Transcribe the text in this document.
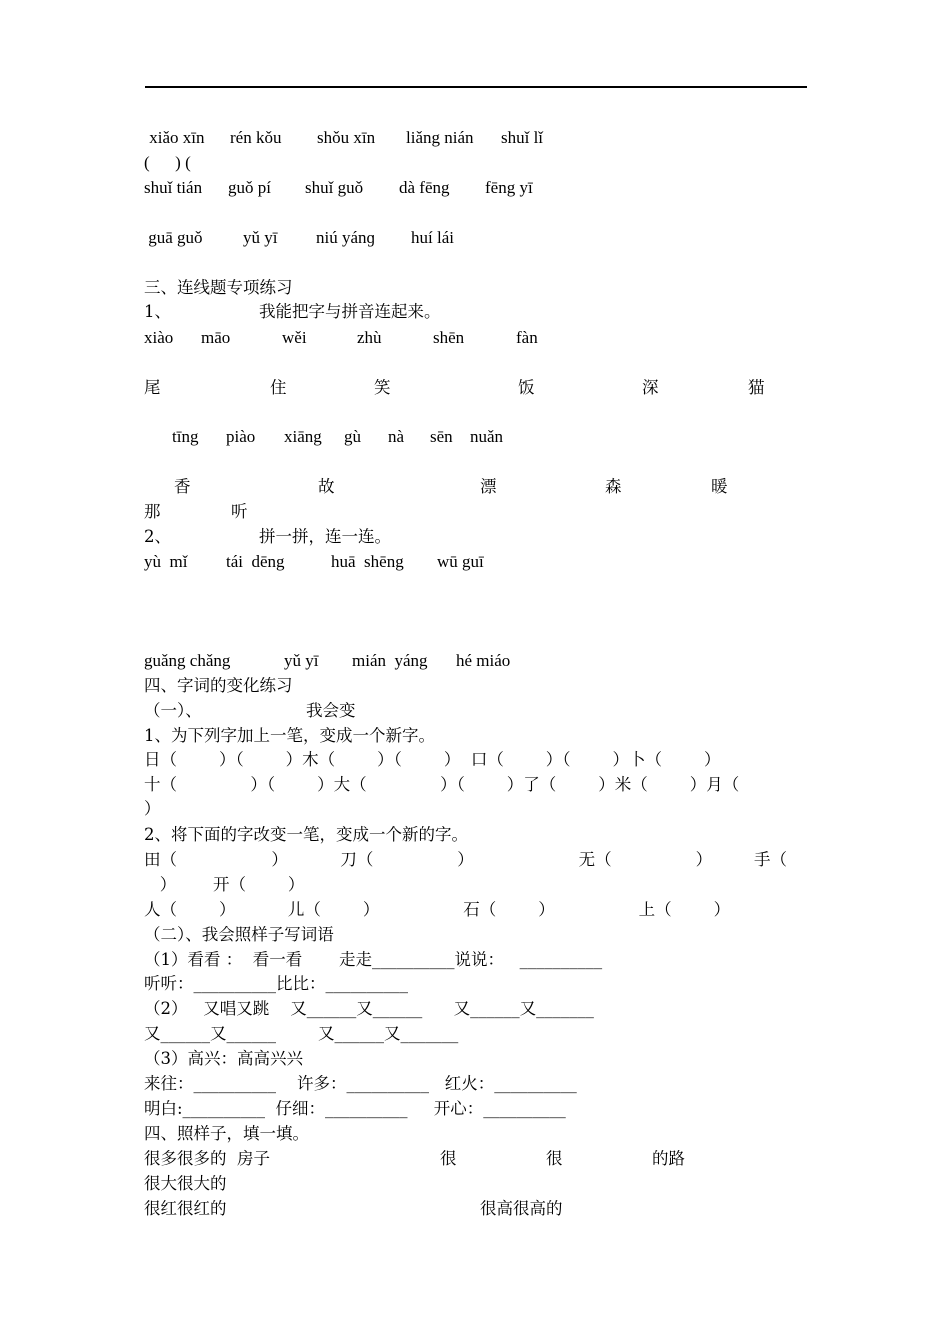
xiǎo xīn rén kǒu shǒu xīn liǎng nián shuǐ lǐ
(      ) (
shuǐ tián guǒ pí shuǐ guǒ dà fēng fēng yī
guā guǒ yǔ yī niú yánɡ huí lái
三、连线题专项练习
1、	我能把字与拼音连起来。
xiào māo	wěi	zhù	shēn	fàn
尾	住	笑	饭	深	猫
tīng piào xiāng gù nà sēn nuǎn
香	故	漂	森	暖
那	听
2、	拼一拼，连一连。
yù  mǐ tái  dēng	huā  shēng wū guī
guǎng chǎng	yǔ yī mián  yáng hé miáo
四、字词的变化练习
（一）、	我会变
1、为下列字加上一笔，变成一个新字。
日（        ）（        ）木（        ）（        ）  口（        ）（        ）卜（        ）
十（              ）（        ）大（              ）（        ）了（        ）米（        ）月（
）
2、将下面的字改变一笔，变成一个新的字。
田（                  ）          刀（                ）                    无（                ）        手（
）       开（        ）
人（        ）          儿（        ）                石（        ）                上（        ）
（二）、我会照样子写词语
（1）看看 ：  看一看       走走__________说说：   __________
听听：__________比比：__________
（2）   又唱又跳    又______又______      又______又_______
又______又______        又______又_______
（3）高兴：高高兴兴
来往：__________    许多：__________   红火：__________
明白:__________  仔细：__________     开心：__________
四、照样子，填一填。
很多很多的  房子	很	很	的路
很大很大的
很红很红的	很高很高的
